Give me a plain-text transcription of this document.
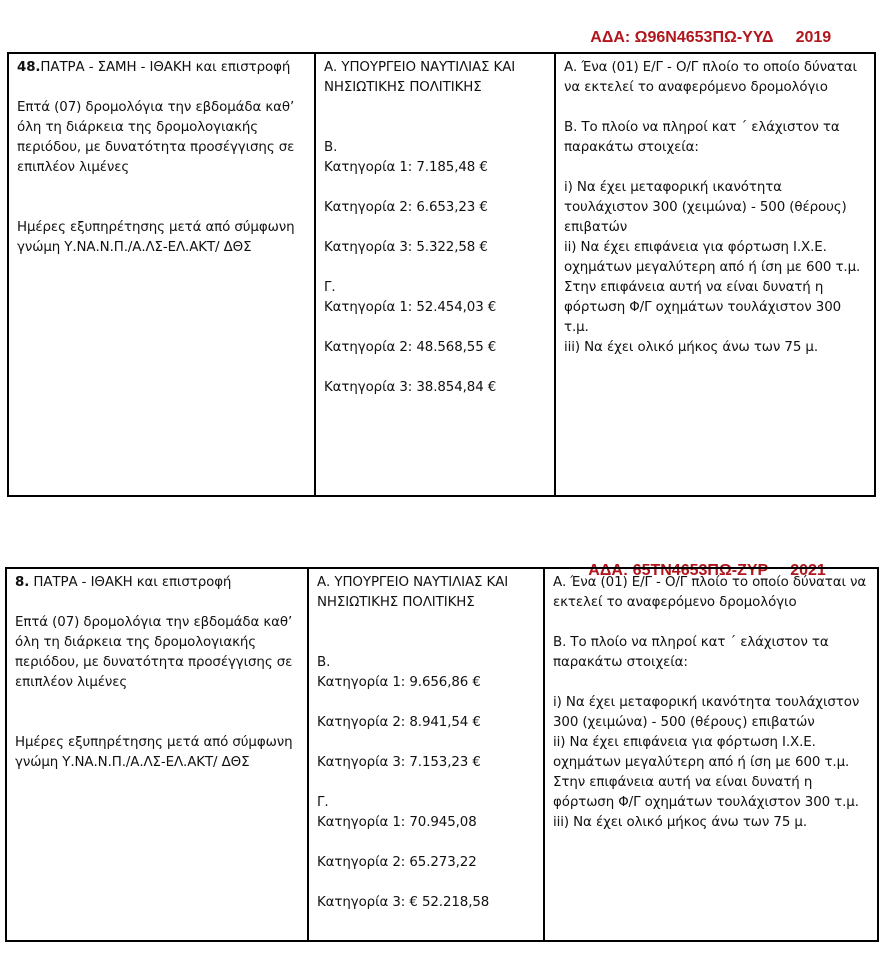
ΑΔΑ: Ω96Ν4653ΠΩ-ΥΥΔ 2019

48.ΠΑΤΡΑ - ΣΑΜΗ - ΙΘΑΚΗ και επιστροφή

Επτά (07) δρομολόγια την εβδομάδα καθ’ όλη τη διάρκεια της δρομολογιακής περιόδου, με δυνατότητα προσέγγισης σε επιπλέον λιμένες

Ημέρες εξυπηρέτησης μετά από σύμφωνη γνώμη Υ.ΝΑ.Ν.Π./Α.ΛΣ-ΕΛ.ΑΚΤ/ ΔΘΣ

Α. ΥΠΟΥΡΓΕΙΟ ΝΑΥΤΙΛΙΑΣ ΚΑΙ ΝΗΣΙΩΤΙΚΗΣ ΠΟΛΙΤΙΚΗΣ

Β.
Κατηγορία 1: 7.185,48 €
Κατηγορία 2: 6.653,23 €
Κατηγορία 3: 5.322,58 €
Γ.
Κατηγορία 1: 52.454,03 €
Κατηγορία 2: 48.568,55 €
Κατηγορία 3: 38.854,84 €

Α. Ένα (01) Ε/Γ - Ο/Γ πλοίο το οποίο δύναται να εκτελεί το αναφερόμενο δρομολόγιο

Β. Το πλοίο να πληροί κατ ΄ ελάχιστον τα παρακάτω στοιχεία:

i) Να έχει μεταφορική ικανότητα τουλάχιστον 300 (χειμώνα) - 500 (θέρους) επιβατών
ii) Να έχει επιφάνεια για φόρτωση Ι.Χ.Ε. οχημάτων μεγαλύτερη από ή ίση με 600 τ.μ. Στην επιφάνεια αυτή να είναι δυνατή η φόρτωση Φ/Γ οχημάτων τουλάχιστον 300 τ.μ.
iii) Να έχει ολικό μήκος άνω των 75 μ.

ΑΔΑ: 65ΤΝ4653ΠΩ-ΖΥΡ 2021

8. ΠΑΤΡΑ - ΙΘΑΚΗ και επιστροφή

Επτά (07) δρομολόγια την εβδομάδα καθ’ όλη τη διάρκεια της δρομολογιακής περιόδου, με δυνατότητα προσέγγισης σε επιπλέον λιμένες

Ημέρες εξυπηρέτησης μετά από σύμφωνη γνώμη Υ.ΝΑ.Ν.Π./Α.ΛΣ-ΕΛ.ΑΚΤ/ ΔΘΣ

Α. ΥΠΟΥΡΓΕΙΟ ΝΑΥΤΙΛΙΑΣ ΚΑΙ ΝΗΣΙΩΤΙΚΗΣ ΠΟΛΙΤΙΚΗΣ

Β.
Κατηγορία 1: 9.656,86 €
Κατηγορία 2: 8.941,54 €
Κατηγορία 3: 7.153,23 €
Γ.
Κατηγορία 1: 70.945,08
Κατηγορία 2: 65.273,22
Κατηγορία 3: € 52.218,58

Α. Ένα (01) Ε/Γ - Ο/Γ πλοίο το οποίο δύναται να εκτελεί το αναφερόμενο δρομολόγιο

Β. Το πλοίο να πληροί κατ ΄ ελάχιστον τα παρακάτω στοιχεία:

i) Να έχει μεταφορική ικανότητα τουλάχιστον 300 (χειμώνα) - 500 (θέρους) επιβατών
ii) Να έχει επιφάνεια για φόρτωση Ι.Χ.Ε. οχημάτων μεγαλύτερη από ή ίση με 600 τ.μ. Στην επιφάνεια αυτή να είναι δυνατή η φόρτωση Φ/Γ οχημάτων τουλάχιστον 300 τ.μ.
iii) Να έχει ολικό μήκος άνω των 75 μ.
